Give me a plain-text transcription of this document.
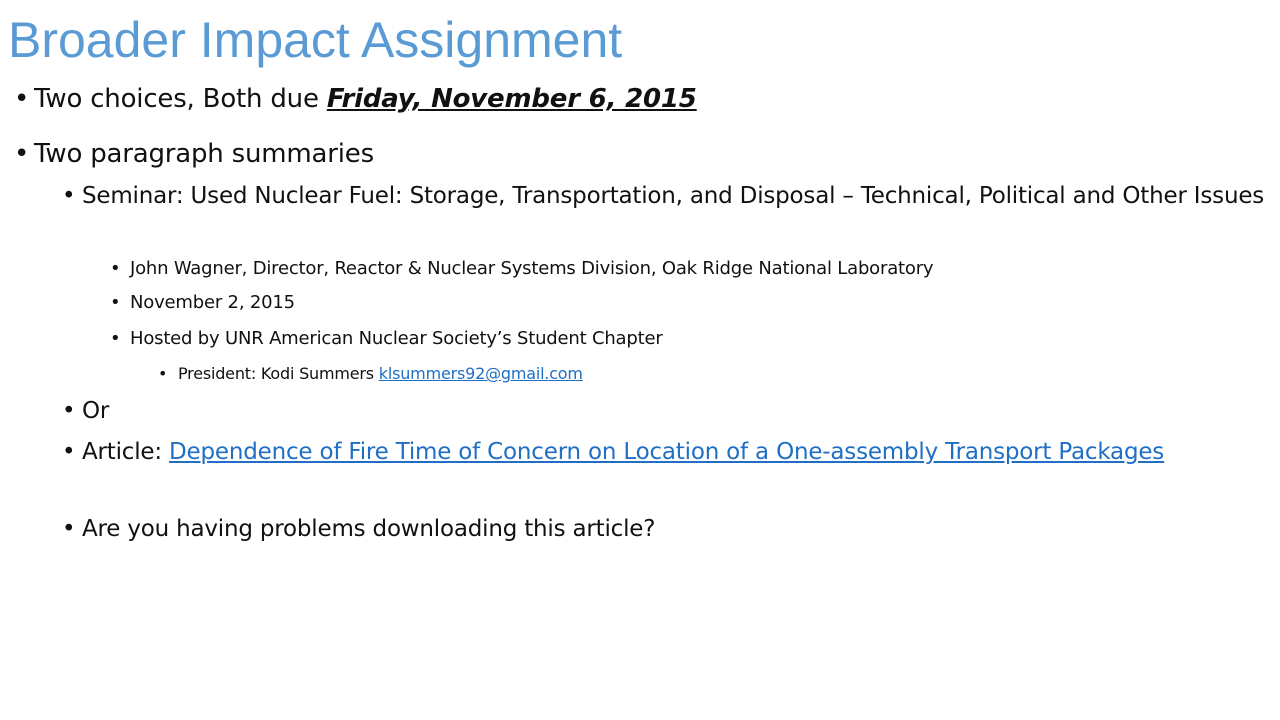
Broader Impact Assignment
• Two choices, Both due Friday, November 6, 2015
• Two paragraph summaries
• Seminar: Used Nuclear Fuel: Storage, Transportation, and Disposal – Technical, Political and Other Issues
• John Wagner, Director, Reactor & Nuclear Systems Division, Oak Ridge National Laboratory
• November 2, 2015
• Hosted by UNR American Nuclear Society’s Student Chapter
• President: Kodi Summers klsummers92@gmail.com
• Or
• Article: Dependence of Fire Time of Concern on Location of a One-assembly Transport Packages
• Are you having problems downloading this article?
